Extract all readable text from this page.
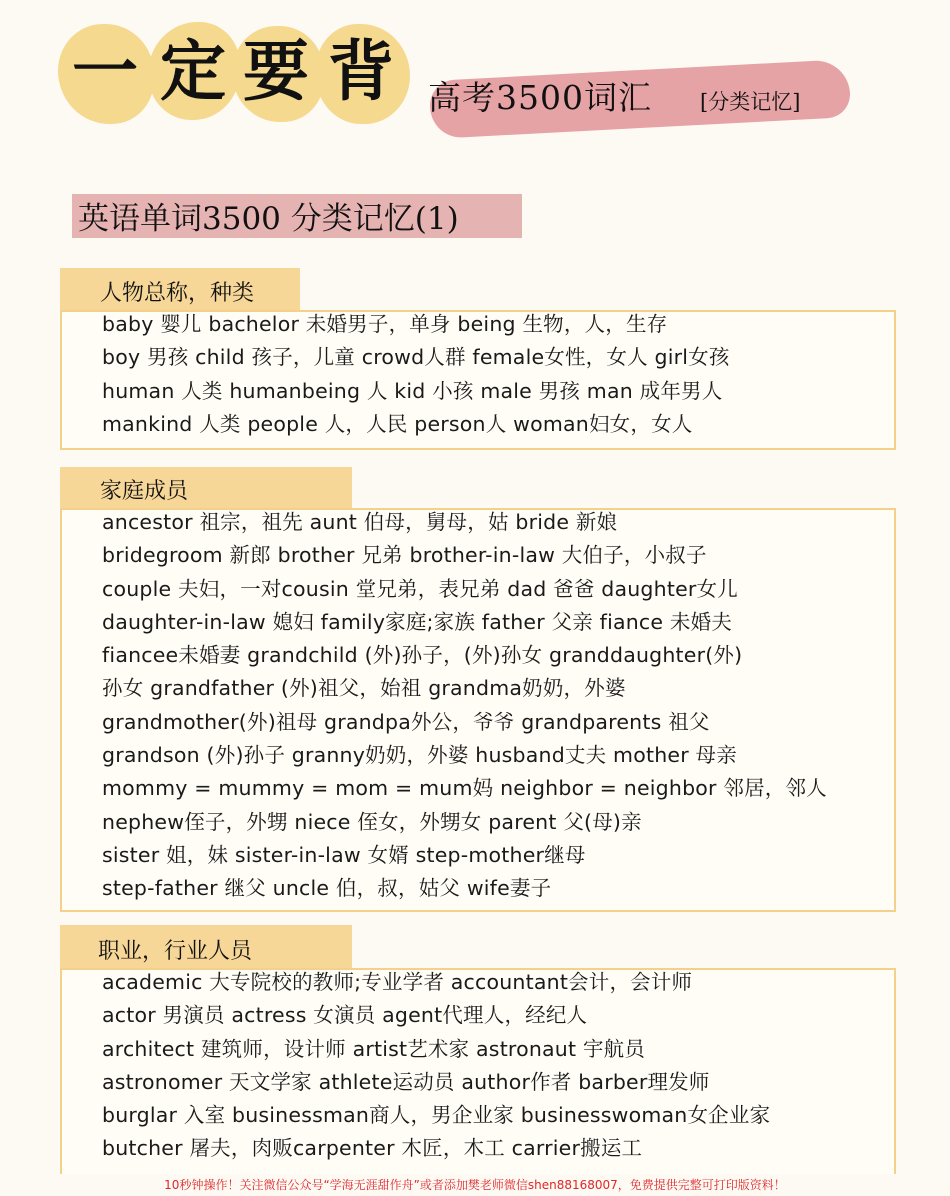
一 定 要 背 高考3500词汇 [分类记忆]
英语单词3500 分类记忆(1)
人物总称，种类
baby 婴儿 bachelor 未婚男子，单身 being 生物，人，生存
boy 男孩 child 孩子，儿童 crowd人群 female女性，女人 girl女孩
human 人类 humanbeing 人 kid 小孩 male 男孩 man 成年男人
mankind 人类 people 人，人民 person人 woman妇女，女人
家庭成员
ancestor 祖宗，祖先 aunt 伯母，舅母，姑 bride 新娘
bridegroom 新郎 brother 兄弟 brother-in-law 大伯子，小叔子
couple 夫妇，一对cousin 堂兄弟，表兄弟 dad 爸爸 daughter女儿
daughter-in-law 媳妇 family家庭;家族 father 父亲 fiance 未婚夫
fiancee未婚妻 grandchild (外)孙子，(外)孙女 granddaughter(外)
孙女 grandfather (外)祖父，始祖 grandma奶奶，外婆
grandmother(外)祖母 grandpa外公，爷爷 grandparents 祖父
grandson (外)孙子 granny奶奶，外婆 husband丈夫 mother 母亲
mommy = mummy = mom = mum妈 neighbor = neighbor 邻居，邻人
nephew侄子，外甥 niece 侄女，外甥女 parent 父(母)亲
sister 姐，妹 sister-in-law 女婿 step-mother继母
step-father 继父 uncle 伯，叔，姑父 wife妻子
职业，行业人员
academic 大专院校的教师;专业学者 accountant会计，会计师
actor 男演员 actress 女演员 agent代理人，经纪人
architect 建筑师，设计师 artist艺术家 astronaut 宇航员
astronomer 天文学家 athlete运动员 author作者 barber理发师
burglar 入室 businessman商人，男企业家 businesswoman女企业家
butcher 屠夫，肉贩carpenter 木匠，木工 carrier搬运工
10秒钟操作！关注微信公众号“学海无涯甜作舟”或者添加樊老师微信shen88168007，免费提供完整可打印版资料！
